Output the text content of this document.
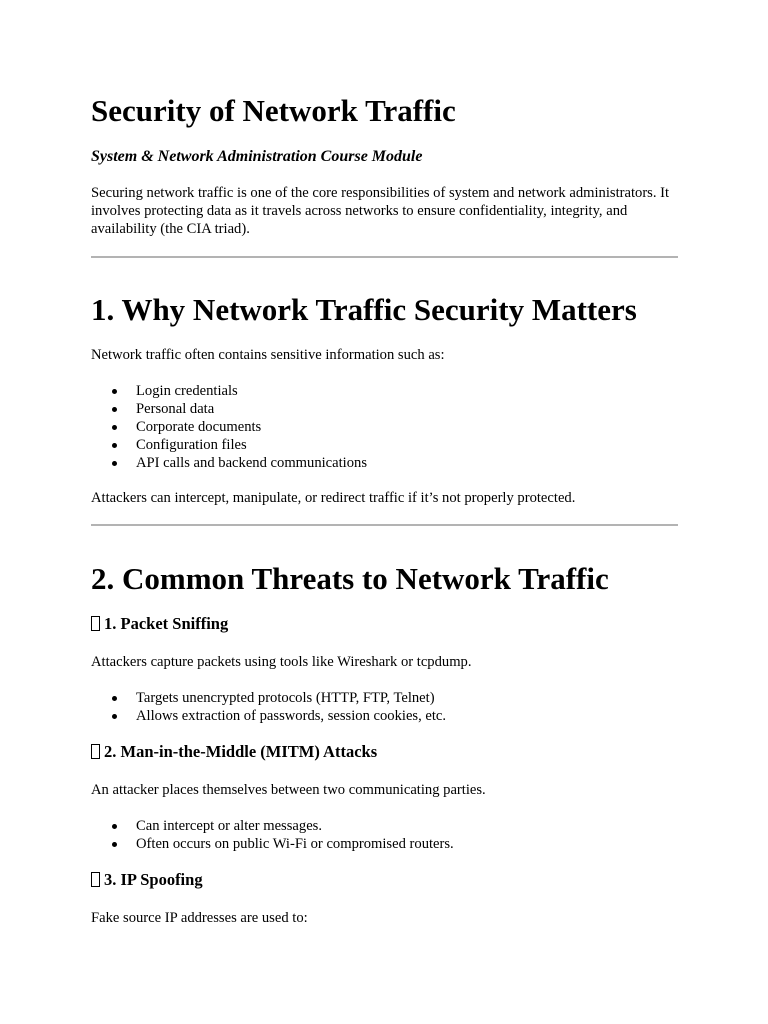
Security of Network Traffic

System & Network Administration Course Module

Securing network traffic is one of the core responsibilities of system and network administrators. It involves protecting data as it travels across networks to ensure confidentiality, integrity, and availability (the CIA triad).

1. Why Network Traffic Security Matters

Network traffic often contains sensitive information such as:

Login credentials
Personal data
Corporate documents
Configuration files
API calls and backend communications

Attackers can intercept, manipulate, or redirect traffic if it’s not properly protected.

2. Common Threats to Network Traffic
1. Packet Sniffing

Attackers capture packets using tools like Wireshark or tcpdump.

Targets unencrypted protocols (HTTP, FTP, Telnet)
Allows extraction of passwords, session cookies, etc.
2. Man-in-the-Middle (MITM) Attacks

An attacker places themselves between two communicating parties.

Can intercept or alter messages.
Often occurs on public Wi-Fi or compromised routers.
3. IP Spoofing

Fake source IP addresses are used to:
